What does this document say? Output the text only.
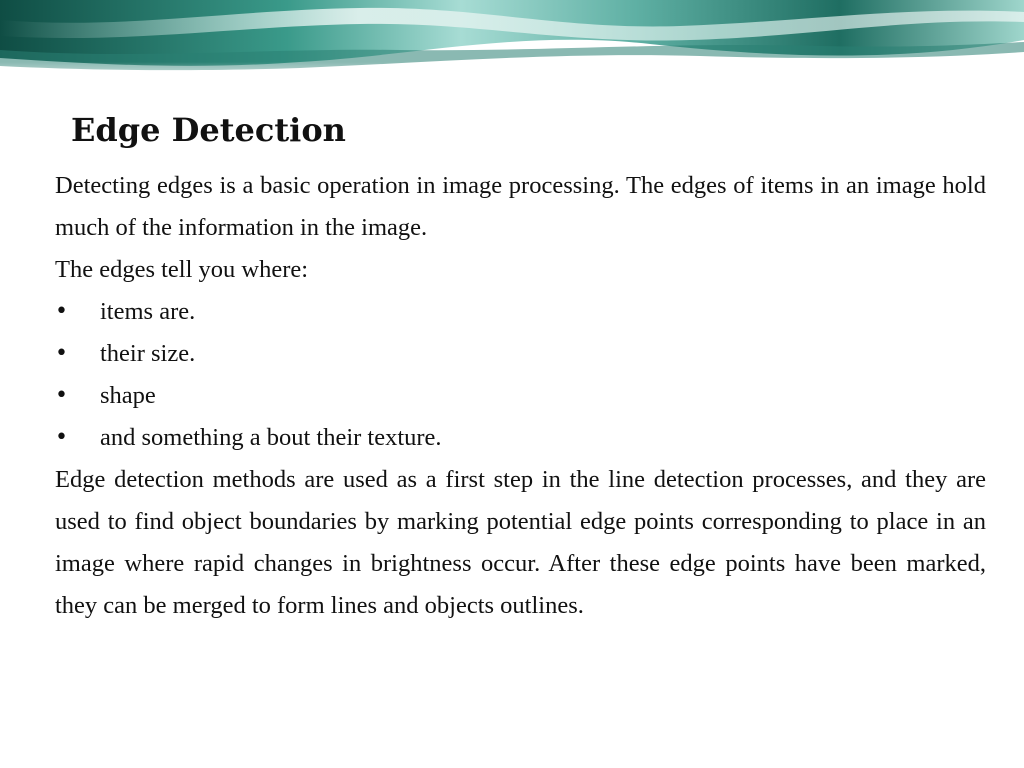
Edge Detection

Detecting edges is a basic operation in image processing. The edges of items in an image hold much of the information in the image.

The edges tell you where:

• items are.
• their size.
• shape
• and something a bout their texture.

Edge detection methods are used as a first step in the line detection processes, and they are used to find object boundaries by marking potential edge points corresponding to place in an image where rapid changes in brightness occur. After these edge points have been marked, they can be merged to form lines and objects outlines.
